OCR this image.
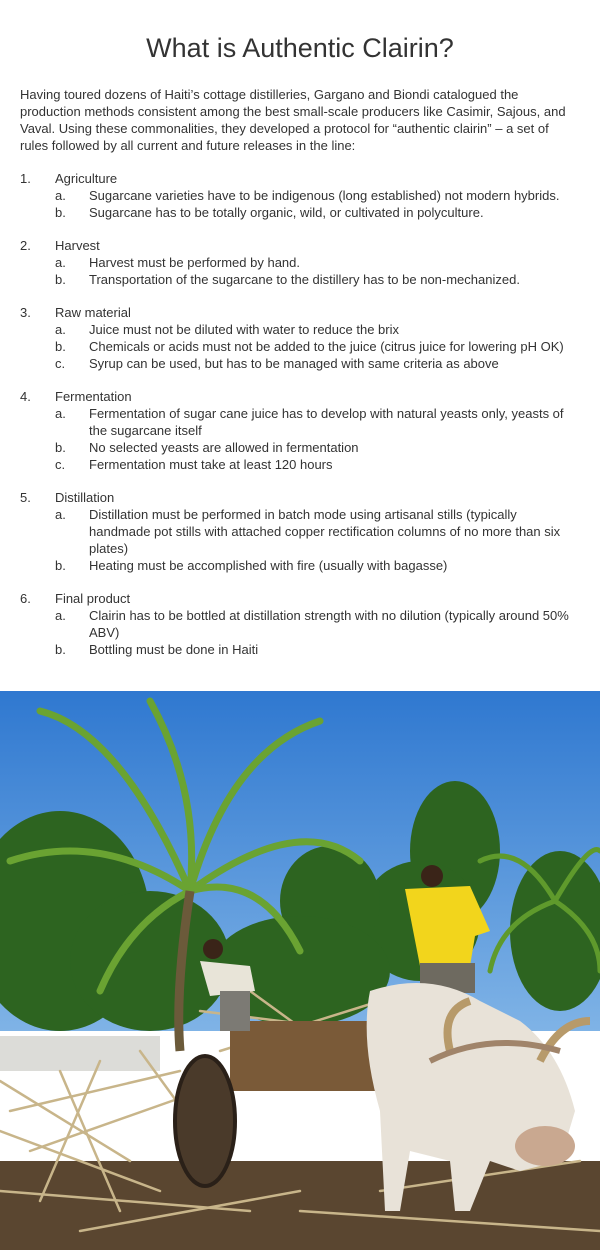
What is Authentic Clairin?

Having toured dozens of Haiti’s cottage distilleries, Gargano and Biondi catalogued the production methods consistent among the best small-scale producers like Casimir, Sajous, and Vaval. Using these commonalities, they developed a protocol for “authentic clairin” – a set of rules followed by all current and future releases in the line:

1.	Agriculture
a.	Sugarcane varieties have to be indigenous (long established) not modern hybrids.
b.	Sugarcane has to be totally organic, wild, or cultivated in polyculture.
2.	Harvest
a.	Harvest must be performed by hand.
b.	Transportation of the sugarcane to the distillery has to be non-mechanized.
3.	Raw material
a.	Juice must not be diluted with water to reduce the brix
b.	Chemicals or acids must not be added to the juice (citrus juice for lowering pH OK)
c.	Syrup can be used, but has to be managed with same criteria as above
4.	Fermentation
a.	Fermentation of sugar cane juice has to develop with natural yeasts only, yeasts of the sugarcane itself
b.	No selected yeasts are allowed in fermentation
c.	Fermentation must take at least 120 hours
5.	Distillation
a.	Distillation must be performed in batch mode using artisanal stills (typically handmade pot stills with attached copper rectification columns of no more than six plates)
b.	Heating must be accomplished with fire (usually with bagasse)
6.	Final product
a.	Clairin has to be bottled at distillation strength with no dilution (typically around 50% ABV)
b.	Bottling must be done in Haiti
